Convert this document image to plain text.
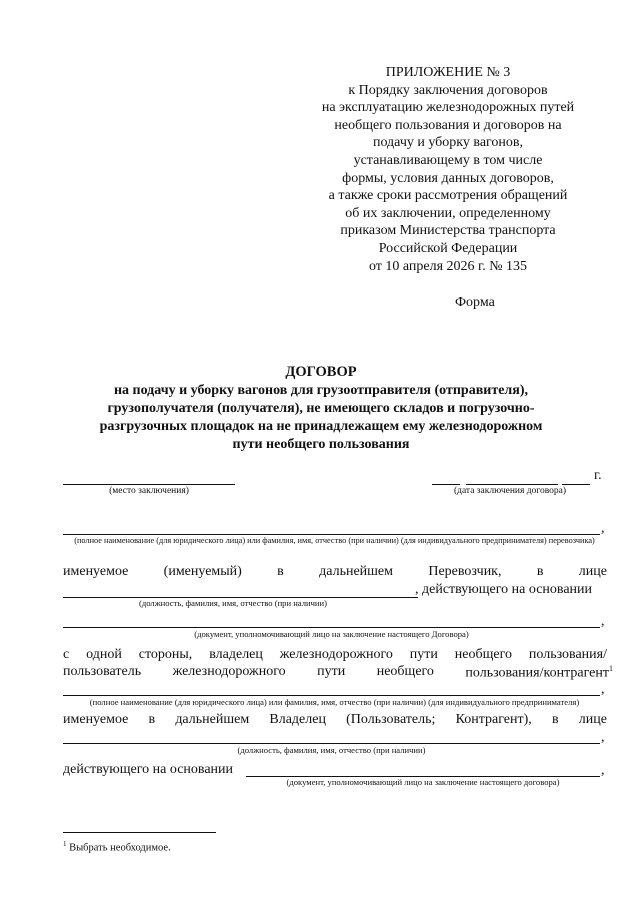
ПРИЛОЖЕНИЕ № 3
к Порядку заключения договоров
на эксплуатацию железнодорожных путей
необщего пользования и договоров на
подачу и уборку вагонов,
устанавливающему в том числе
формы, условия данных договоров,
а также сроки рассмотрения обращений
об их заключении, определенному
приказом Министерства транспорта
Российской Федерации
от 10 апреля 2026 г. № 135
Форма
ДОГОВОР
на подачу и уборку вагонов для грузоотправителя (отправителя),
грузополучателя (получателя), не имеющего складов и погрузочно-
разгрузочных площадок на не принадлежащем ему железнодорожном
пути необщего пользования
(место заключения)
г.
(дата заключения договора)
,
(полное наименование (для юридического лица) или фамилия, имя, отчество (при наличии) (для индивидуального предпринимателя) перевозчика)
именуемое	(именуемый)	в	дальнейшем	Перевозчик,	в	лице
, действующего на основании
(должность, фамилия, имя, отчество (при наличии)
,
(документ, уполномочивающий лицо на заключение настоящего Договора)
с одной стороны, владелец железнодорожного пути необщего пользования/
пользователь железнодорожного пути необщего пользования/контрагент$^1$
,
(полное наименование (для юридического лица) или фамилия, имя, отчество (при наличии) (для индивидуального предпринимателя)
именуемое в дальнейшем Владелец (Пользователь; Контрагент), в лице
,
(должность, фамилия, имя, отчество (при наличии)
действующего на основании	,
(документ, уполномочивающий лицо на заключение настоящего договора)
$^1$ Выбрать необходимое.
